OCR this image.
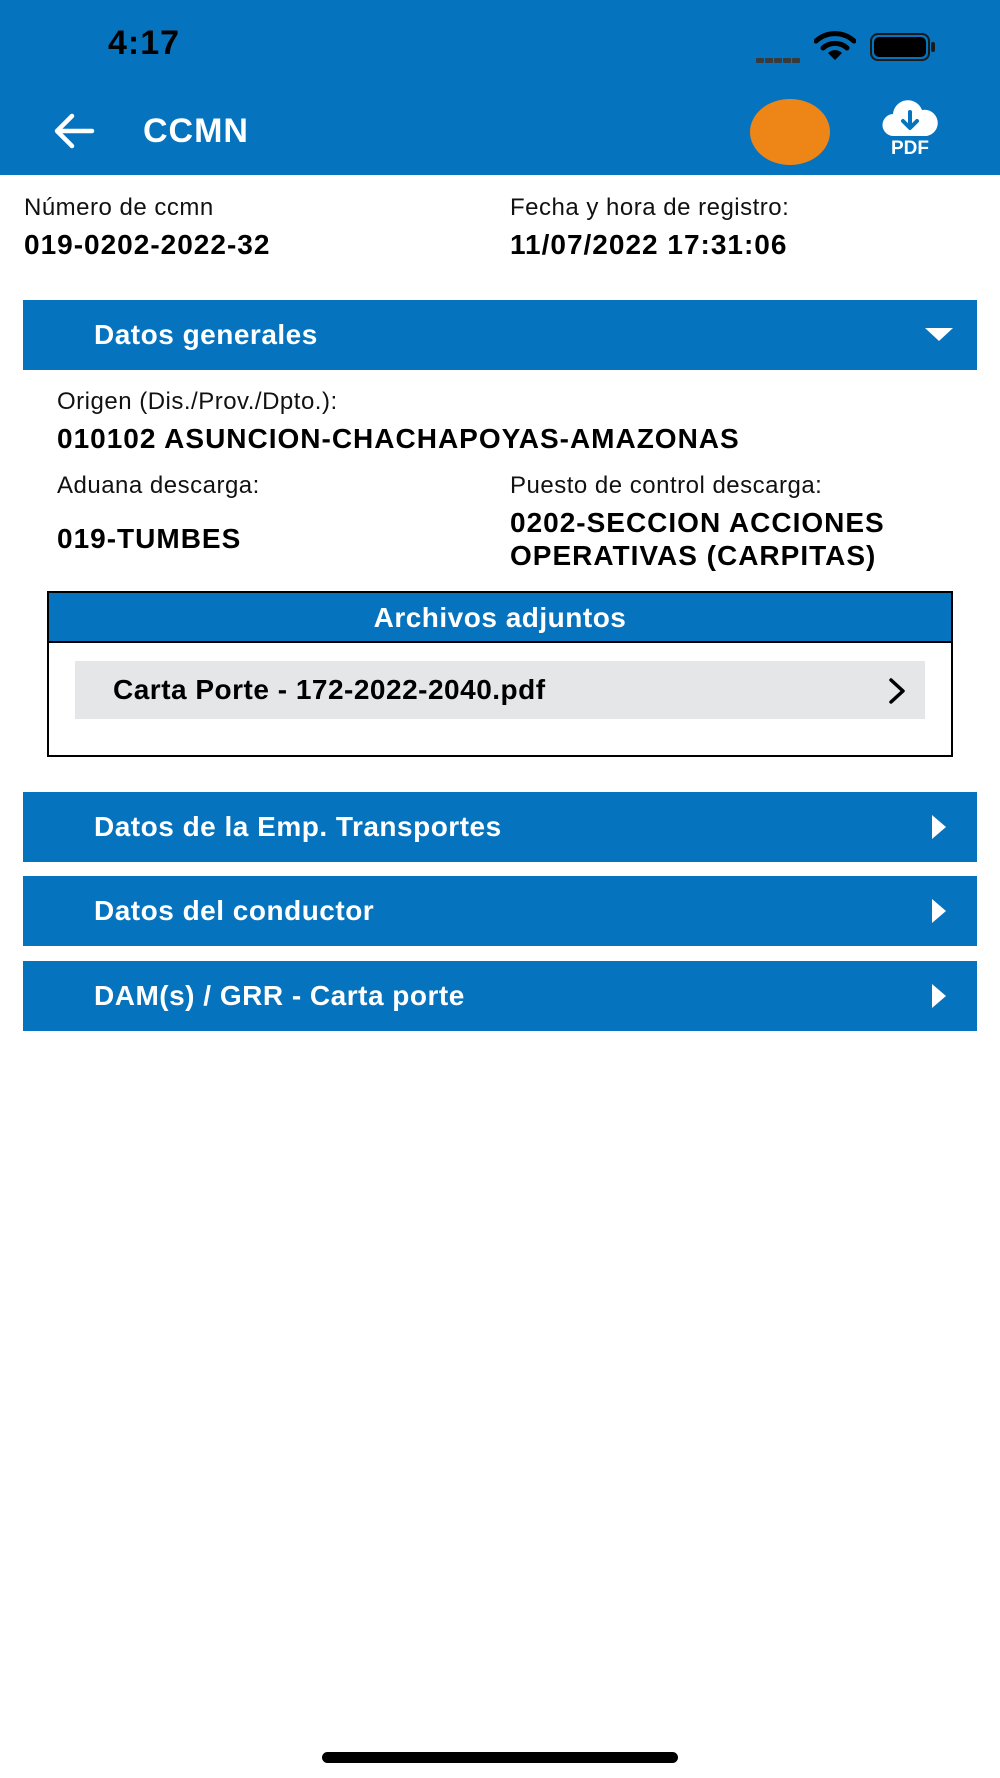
4:17
CCMN	PDF
Número de ccmn
019-0202-2022-32
Fecha y hora de registro:
11/07/2022 17:31:06
Datos generales
Origen (Dis./Prov./Dpto.):
010102 ASUNCION-CHACHAPOYAS-AMAZONAS
Aduana descarga:
019-TUMBES
Puesto de control descarga:
0202-SECCION ACCIONES
OPERATIVAS (CARPITAS)
Archivos adjuntos
Carta Porte - 172-2022-2040.pdf
Datos de la Emp. Transportes
Datos del conductor
DAM(s) / GRR - Carta porte
